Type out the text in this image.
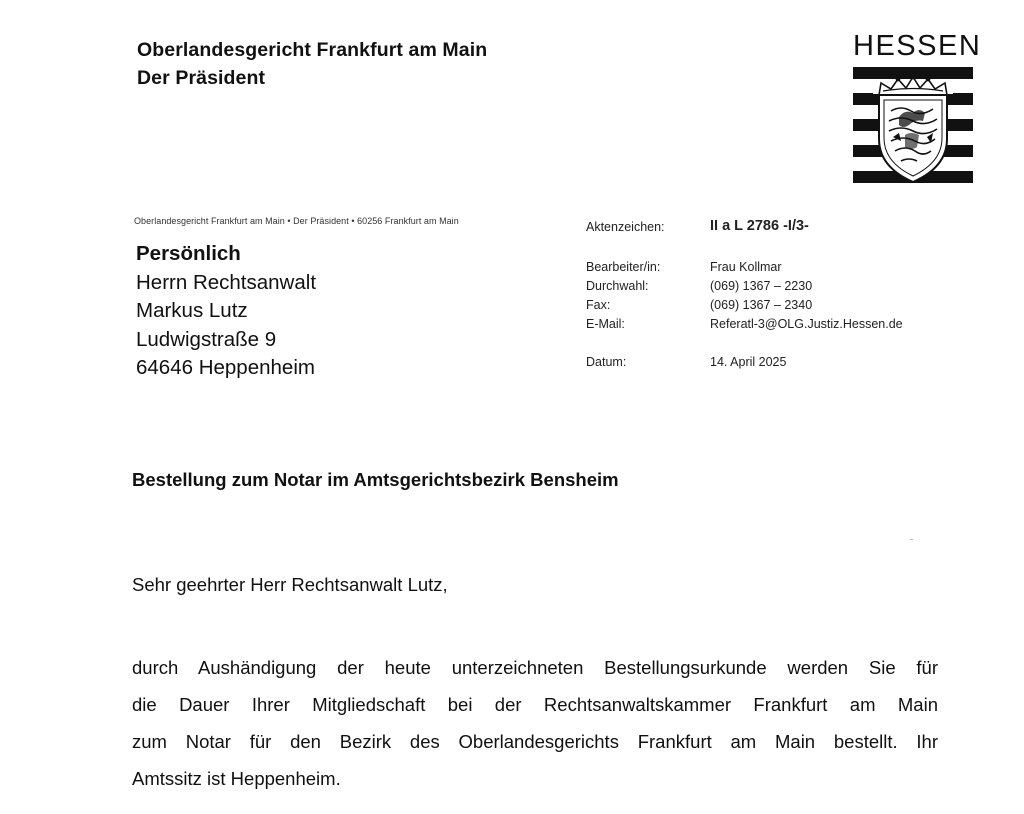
Oberlandesgericht Frankfurt am Main
Der Präsident
HESSEN
Oberlandesgericht Frankfurt am Main • Der Präsident • 60256 Frankfurt am Main
Persönlich
Herrn Rechtsanwalt
Markus Lutz
Ludwigstraße 9
64646 Heppenheim
Aktenzeichen:	II a L 2786 -I/3-
Bearbeiter/in:	Frau Kollmar
Durchwahl:	(069) 1367 – 2230
Fax:	(069) 1367 – 2340
E-Mail:	Referatl-3@OLG.Justiz.Hessen.de
Datum:	14. April 2025
Bestellung zum Notar im Amtsgerichtsbezirk Bensheim
Sehr geehrter Herr Rechtsanwalt Lutz,
durch Aushändigung der heute unterzeichneten Bestellungsurkunde werden Sie für
die Dauer Ihrer Mitgliedschaft bei der Rechtsanwaltskammer Frankfurt am Main
zum Notar für den Bezirk des Oberlandesgerichts Frankfurt am Main bestellt. Ihr
Amtssitz ist Heppenheim.
